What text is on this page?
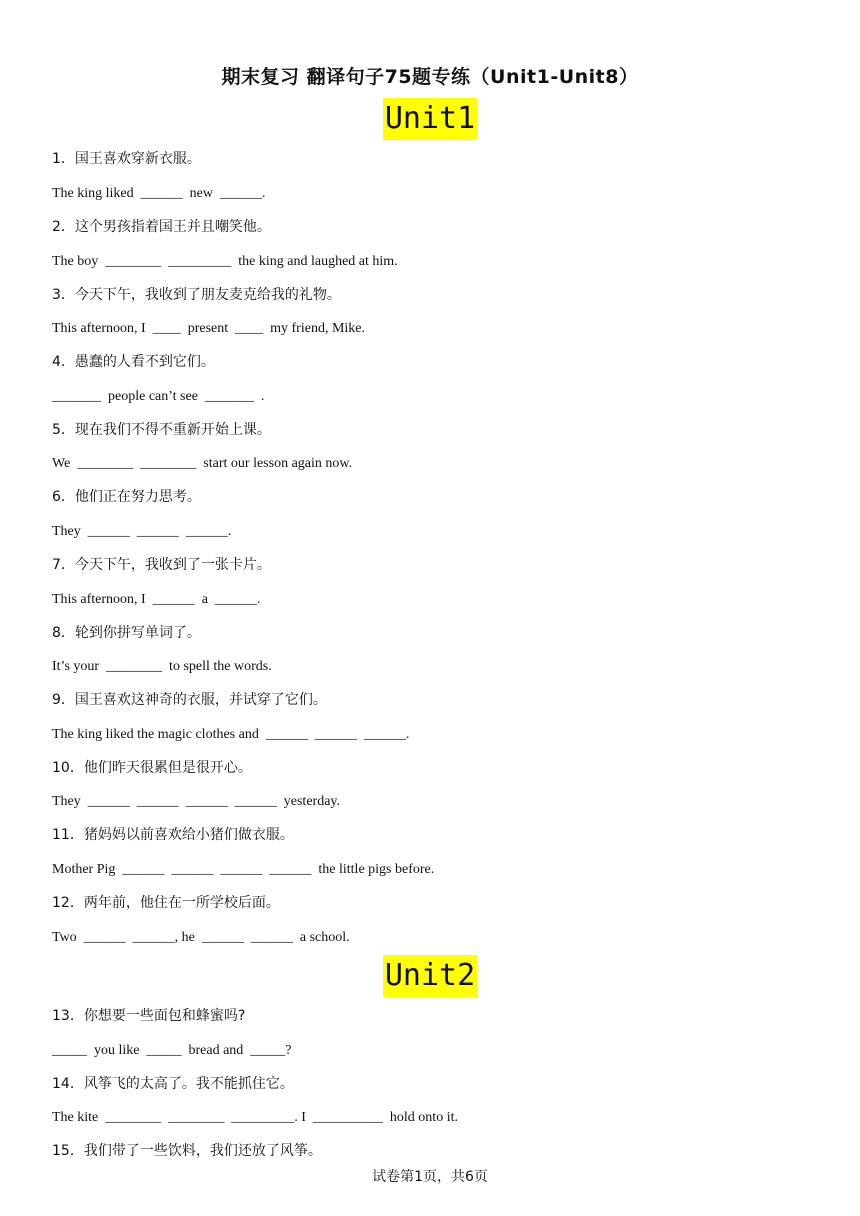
期末复习 翻译句子75题专练（Unit1-Unit8）
Unit1
1．国王喜欢穿新衣服。
The king liked  ______  new  ______.
2．这个男孩指着国王并且嘲笑他。
The boy  ________  _________  the king and laughed at him.
3．今天下午，我收到了朋友麦克给我的礼物。
This afternoon, I  ____  present  ____  my friend, Mike.
4．愚蠢的人看不到它们。
_______  people can’t see  _______  .
5．现在我们不得不重新开始上课。
We  ________  ________  start our lesson again now.
6．他们正在努力思考。
They  ______  ______  ______.
7．今天下午，我收到了一张卡片。
This afternoon, I  ______  a  ______.
8．轮到你拼写单词了。
It’s your  ________  to spell the words.
9．国王喜欢这神奇的衣服，并试穿了它们。
The king liked the magic clothes and  ______  ______  ______.
10．他们昨天很累但是很开心。
They  ______  ______  ______  ______  yesterday.
11．猪妈妈以前喜欢给小猪们做衣服。
Mother Pig  ______  ______  ______  ______  the little pigs before.
12．两年前，他住在一所学校后面。
Two  ______  ______, he  ______  ______  a school.
Unit2
13．你想要一些面包和蜂蜜吗?
_____  you like  _____  bread and  _____?
14．风筝飞的太高了。我不能抓住它。
The kite  ________  ________  _________. I  __________  hold onto it.
15．我们带了一些饮料，我们还放了风筝。
试卷第1页，共6页
